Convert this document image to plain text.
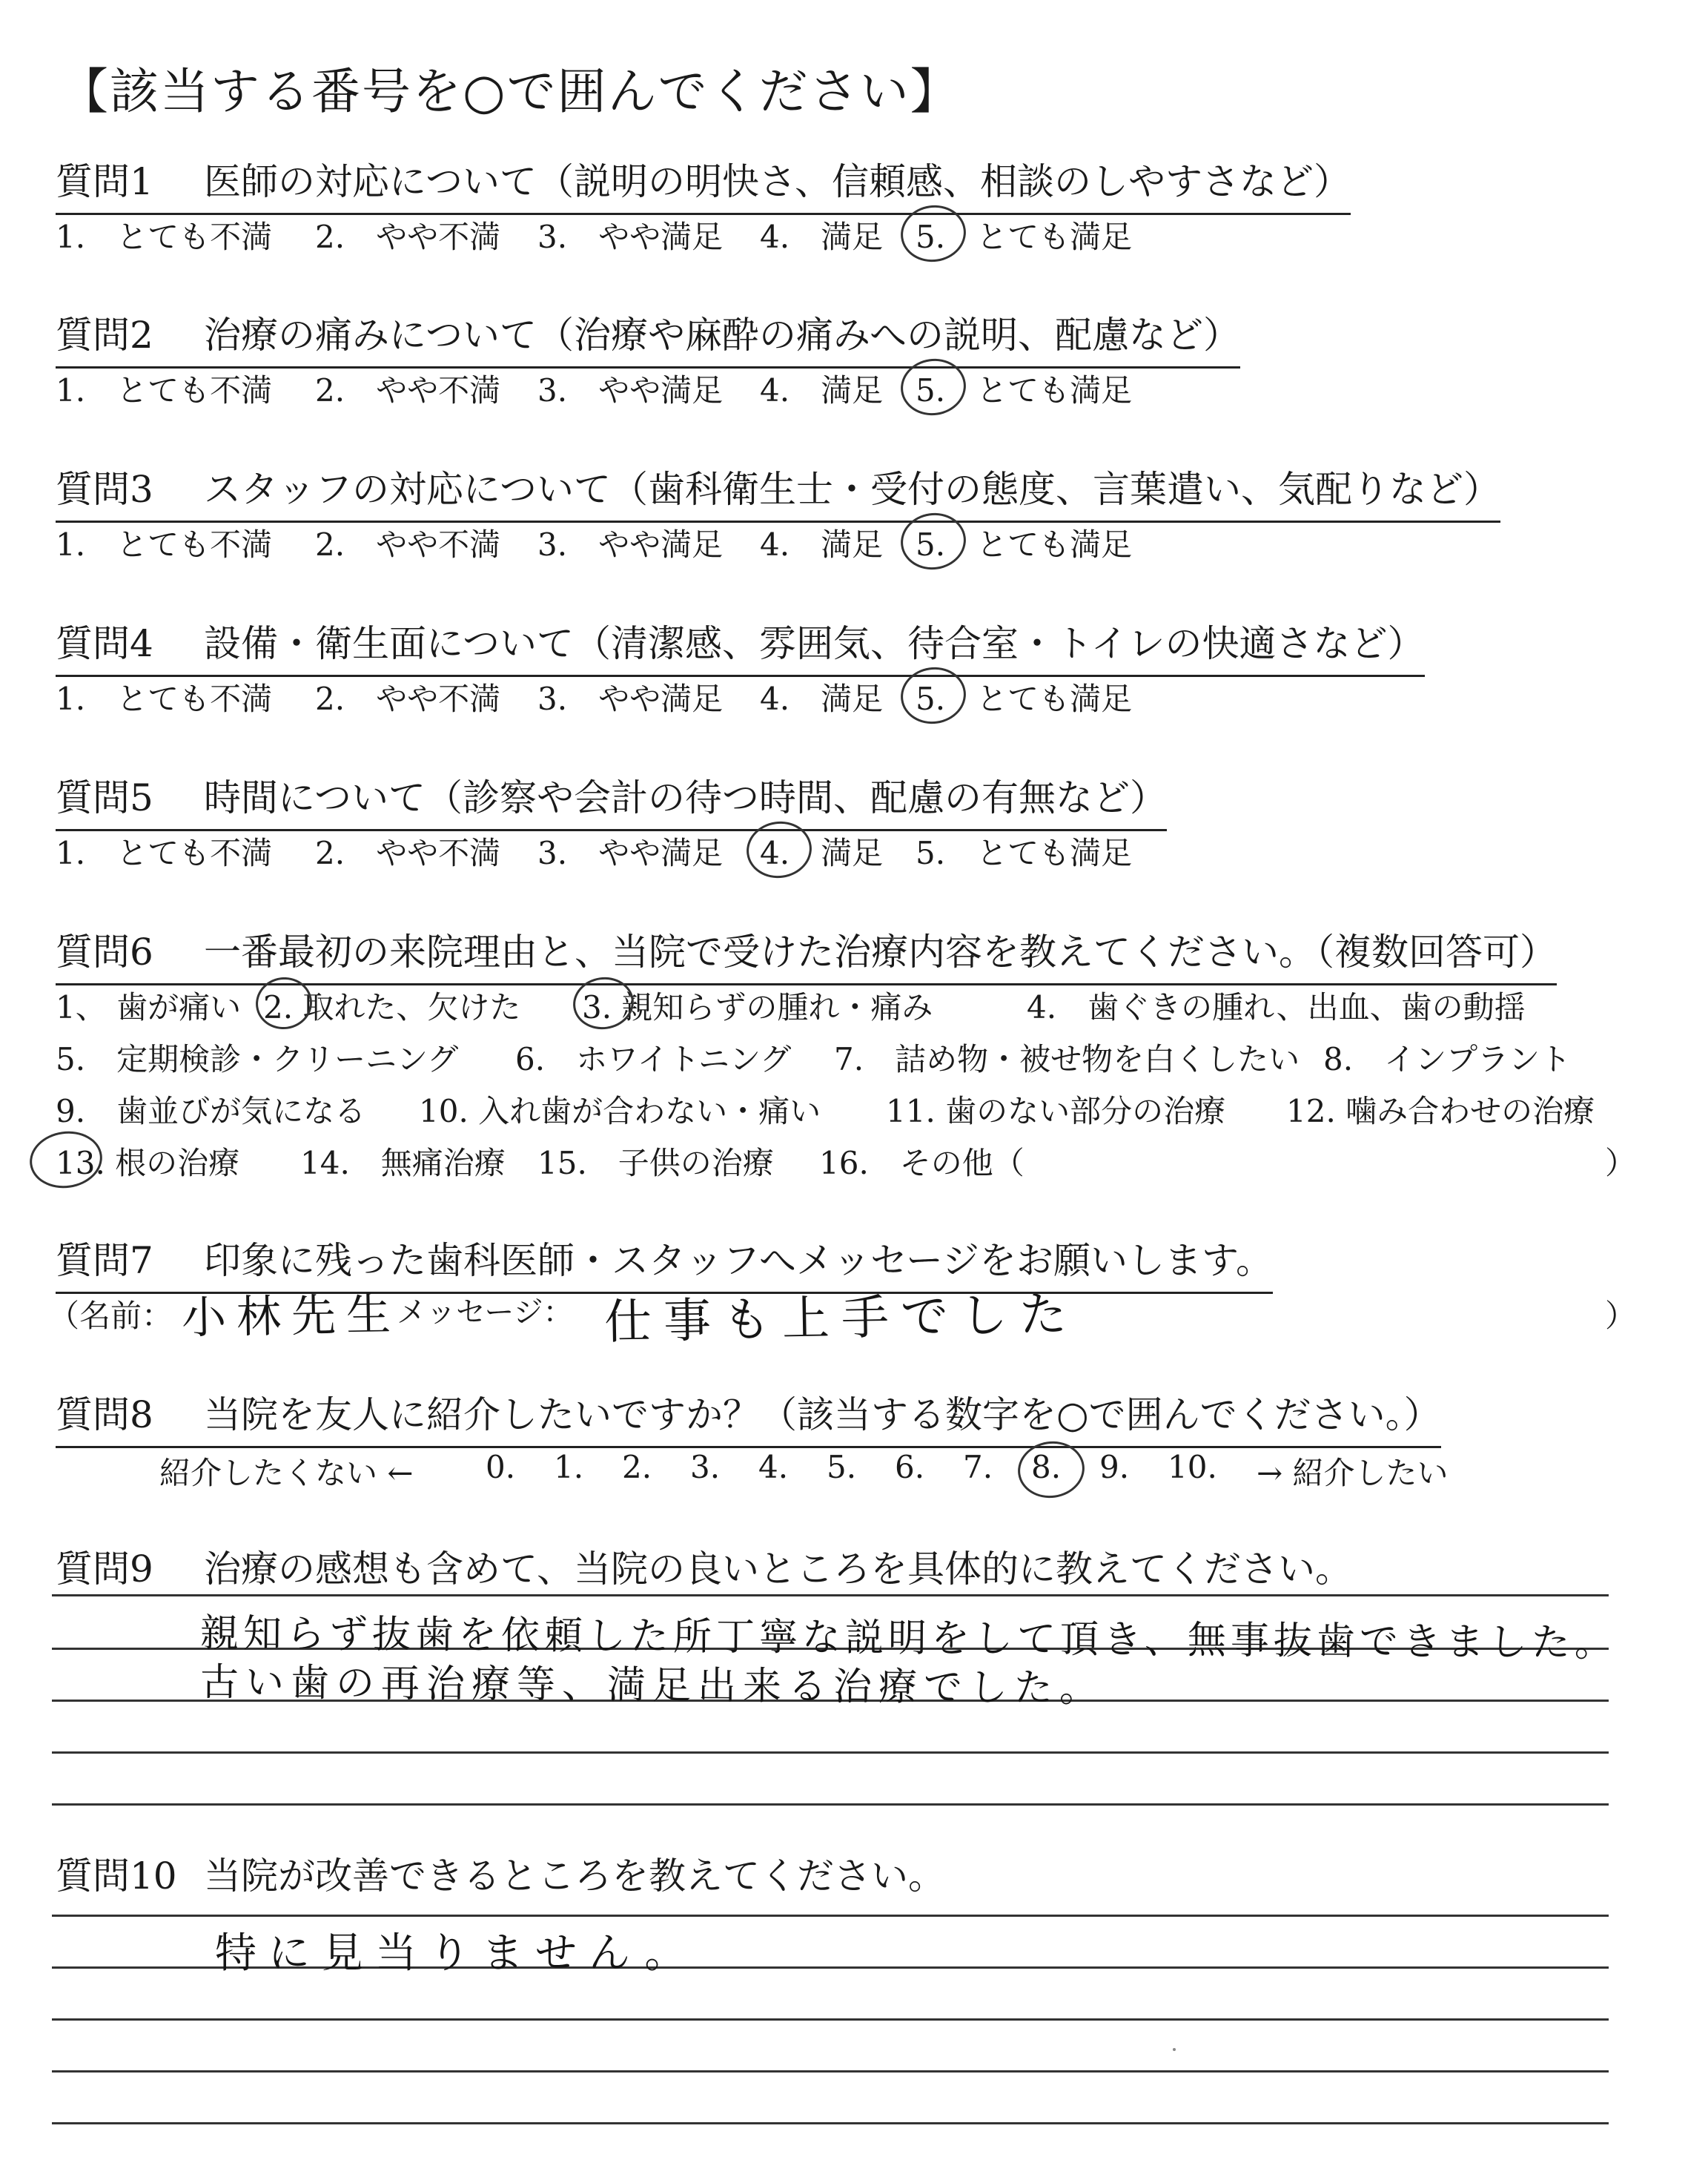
【該当する番号を○で囲んでください】
質問1 医師の対応について（説明の明快さ、信頼感、相談のしやすさなど）
1.　とても不満 2.　やや不満 3.　やや満足 4.　満足 5.　とても満足
質問2 治療の痛みについて（治療や麻酔の痛みへの説明、配慮など）
1.　とても不満 2.　やや不満 3.　やや満足 4.　満足 5.　とても満足
質問3 スタッフの対応について（歯科衛生士・受付の態度、言葉遣い、気配りなど）
1.　とても不満 2.　やや不満 3.　やや満足 4.　満足 5.　とても満足
質問4 設備・衛生面について（清潔感、雰囲気、待合室・トイレの快適さなど）
1.　とても不満 2.　やや不満 3.　やや満足 4.　満足 5.　とても満足
質問5 時間について（診察や会計の待つ時間、配慮の有無など）
1.　とても不満 2.　やや不満 3.　やや満足 4.　満足 5.　とても満足
質問6 一番最初の来院理由と、当院で受けた治療内容を教えてください。（複数回答可）
1、 歯が痛い 2. 取れた、欠けた 3. 親知らずの腫れ・痛み	4.　歯ぐきの腫れ、出血、歯の動揺
5.　定期検診・クリーニング 6.　ホワイトニング 7.　詰め物・被せ物を白くしたい 8.　インプラント
9.　歯並びが気になる 10. 入れ歯が合わない・痛い 11. 歯のない部分の治療 12. 噛み合わせの治療
13. 根の治療 14.　無痛治療 15.　子供の治療 16.　その他（	）
質問7 印象に残った歯科医師・スタッフへメッセージをお願いします。
（名前： 小林先生
メッセージ： 仕事も上手でした	）
質問8 当院を友人に紹介したいですか？（該当する数字を○で囲んでください。）
紹介したくない ← 0. 1. 2. 3. 4. 5. 6. 7. 8. 9. 10. → 紹介したい
質問9 治療の感想も含めて、当院の良いところを具体的に教えてください。
親知らず抜歯を依頼した所丁寧な説明をして頂き、無事抜歯できました。
古い歯の再治療等、満足出来る治療でした。
質問10 当院が改善できるところを教えてください。
特に見当りません。
